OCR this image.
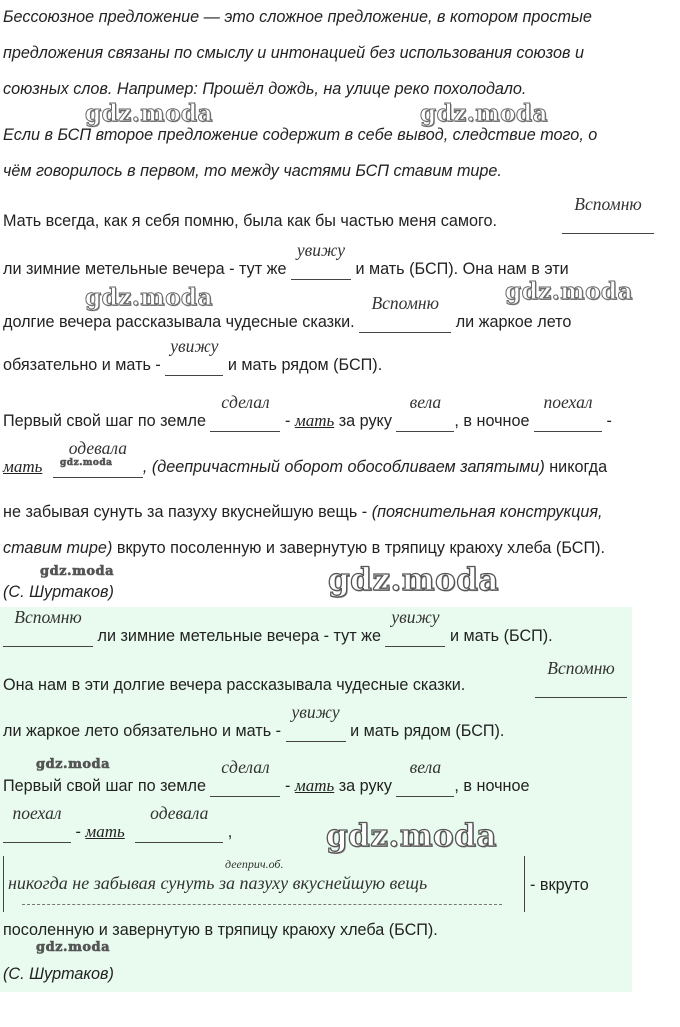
Бессоюзное предложение — это сложное предложение, в котором простые
предложения связаны по смыслу и интонацией без использования союзов и
союзных слов. Например: Прошёл дождь, на улице реко похолодало.
Если в БСП второе предложение содержит в себе вывод, следствие того, о
чём говорилось в первом, то между частями БСП ставим тире.
Мать всегда, как я себя помню, была как бы частью меня самого.
Вспомню
ли зимние метельные вечера - тут же
увижу
и мать (БСП). Она нам в эти
долгие вечера рассказывала чудесные сказки.
Вспомню
ли жаркое лето
обязательно и мать -
увижу
и мать рядом (БСП).
Первый свой шаг по земле
сделал
- мать за руку
вела
, в ночное
поехал
-
мать
одевала
, (деепричастный оборот обособливаем запятыми) никогда
не забывая сунуть за пазуху вкуснейшую вещь - (пояснительная конструкция,
ставим тире) вкруто посоленную и завернутую в тряпицу краюху хлеба (БСП).
(С. Шуртаков)
Вспомню
ли зимние метельные вечера - тут же
увижу
и мать (БСП).
Она нам в эти долгие вечера рассказывала чудесные сказки.
Вспомню
ли жаркое лето обязательно и мать -
увижу
и мать рядом (БСП).
Первый свой шаг по земле
сделал
- мать за руку
вела
, в ночное
поехал
- мать
одевала
,
дееприч.об.
никогда не забывая сунуть за пазуху вкуснейшую вещь	- вкруто
посоленную и завернутую в тряпицу краюху хлеба (БСП).
(С. Шуртаков)
gdz.moda	gdz.moda
gdz.moda	gdz.moda
gdz.moda
gdz.moda	gdz.moda
gdz.moda
gdz.moda
gdz.moda
